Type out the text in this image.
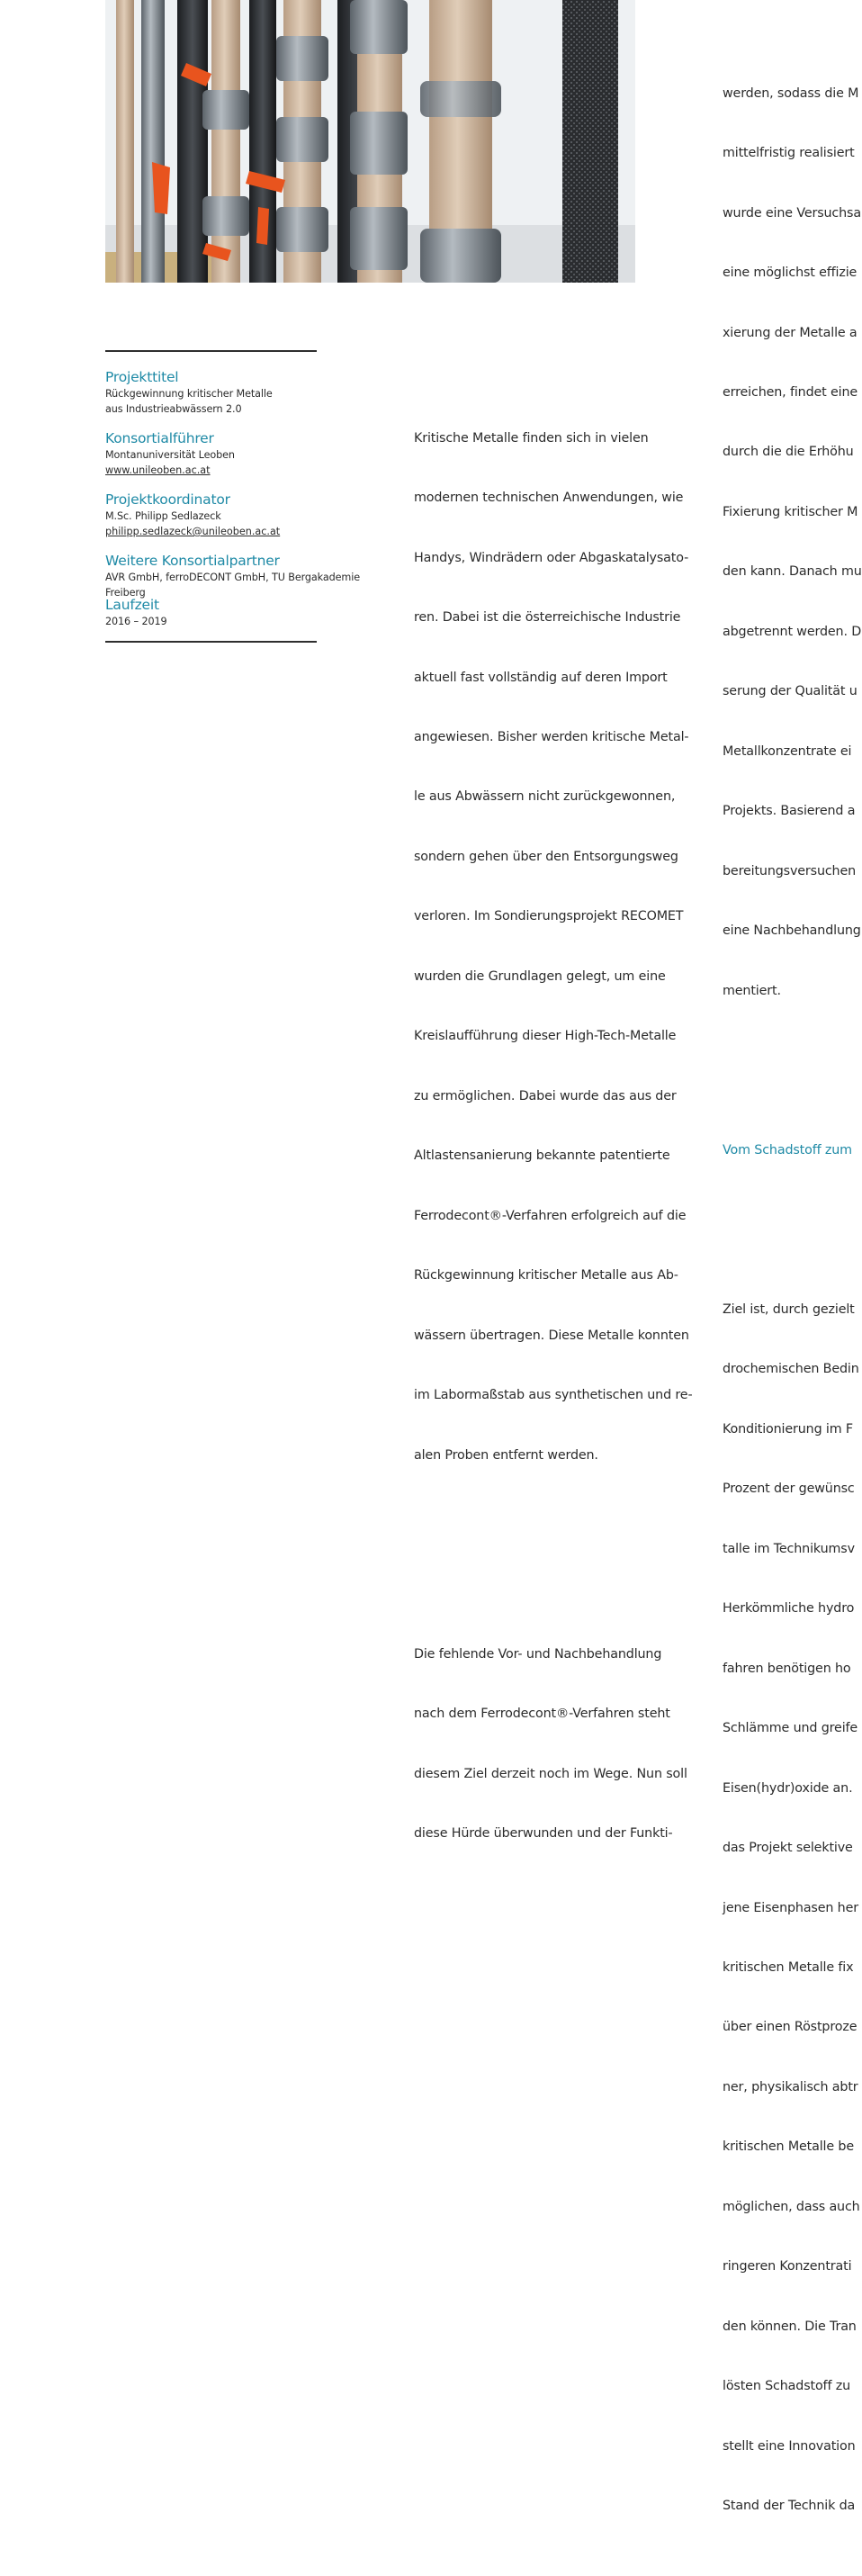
Projekttitel
Rückgewinnung kritischer Metalle
aus Industrieabwässern 2.0
Konsortialführer
Montanuniversität Leoben
www.unileoben.ac.at
Projektkoordinator
M.Sc. Philipp Sedlazeck
philipp.sedlazeck@unileoben.ac.at
Weitere Konsortialpartner
AVR GmbH, ferroDECONT GmbH, TU Bergakademie Freiberg
Laufzeit
2016 – 2019

Kritische Metalle finden sich in vielen

modernen technischen Anwendungen, wie

Handys, Windrädern oder Abgaskatalysato-

ren. Dabei ist die österreichische Industrie

aktuell fast vollständig auf deren Import

angewiesen. Bisher werden kritische Metal-

le aus Abwässern nicht zurückgewonnen,

sondern gehen über den Entsorgungsweg

verloren. Im Sondierungsprojekt RECOMET

wurden die Grundlagen gelegt, um eine

Kreislaufführung dieser High-Tech-Metalle

zu ermöglichen. Dabei wurde das aus der

Altlastensanierung bekannte patentierte

Ferrodecont®-Verfahren erfolgreich auf die

Rückgewinnung kritischer Metalle aus Ab-

wässern übertragen. Diese Metalle konnten

im Labormaßstab aus synthetischen und re-

alen Proben entfernt werden.

Die fehlende Vor- und Nachbehandlung

nach dem Ferrodecont®-Verfahren steht

diesem Ziel derzeit noch im Wege. Nun soll

diese Hürde überwunden und der Funkti-

werden, sodass die M

mittelfristig realisiert

wurde eine Versuchsa

eine möglichst effizie

xierung der Metalle a

erreichen, findet eine

durch die die Erhöhu

Fixierung kritischer M

den kann. Danach mu

abgetrennt werden. D

serung der Qualität u

Metallkonzentrate ei

Projekts. Basierend a

bereitungsversuchen

eine Nachbehandlung

mentiert.

Vom Schadstoff zum

Ziel ist, durch gezielt

drochemischen Bedin

Konditionierung im F

Prozent der gewünsc

talle im Technikumsv

Herkömmliche hydro

fahren benötigen ho

Schlämme und greife

Eisen(hydr)oxide an.

das Projekt selektive

jene Eisenphasen her

kritischen Metalle fix

über einen Röstproze

ner, physikalisch abtr

kritischen Metalle be

möglichen, dass auch

ringeren Konzentrati

den können. Die Tran

lösten Schadstoff zu

stellt eine Innovation

Stand der Technik da
